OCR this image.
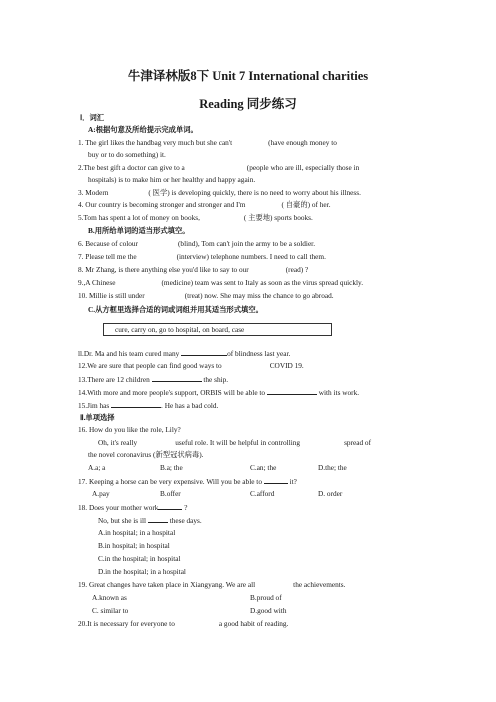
牛津译林版8下 Unit 7 International charities
Reading 同步练习
Ⅰ．词汇
A:根据句意及所给提示完成单词。
1. The girl likes the handbag very much but she can't	(have enough money to
buy or to do something) it.
2.The best gift a doctor can give to a	(people who are ill, especially those in
hospitals) is to make him or her healthy and happy again.
3. Modern	( 医学) is developing quickly, there is no need to worry about his illness.
4. Our country is becoming stronger and stronger and I'm	( 自豪的) of her.
5.Tom has spent a lot of money on books,	( 主要地) sports books.
B.用所给单词的适当形式填空。
6. Because of colour	(blind), Tom can't join the army to be a soldier.
7. Please tell me the	(interview) telephone numbers. I need to call them.
8. Mr Zhang, is there anything else you'd like to say to our	(read) ?
9.,A Chinese	(medicine) team was sent to Italy as soon as the virus spread quickly.
10. Millie is still under	(treat) now. She may miss the chance to go abroad.
C.从方框里选择合适的词或词组并用其适当形式填空。
cure, carry on, go to hospital, on board, case
ll.Dr. Ma and his team cured many	of blindness last year.
12.We are sure that people can find good ways to	COVID 19.
13.There are 12 children	the ship.
14.With more and more people's support, ORBIS will be able to	with its work.
15.Jim has	. He has a bad cold.
Ⅱ.单项选择
16. How do you like the role, Lily?
Oh, it's really	useful role. It will be helpful in controlling	spread of
the novel coronavirus (新型冠状病毒).
A.a; a	B.a; the	C.an; the	D.the; the
17. Keeping a horse can be very expensive. Will you be able to	it?
A.pay	B.offer	C.afford	D. order
18. Does your mother work	?
No, but she is ill	these days.
A.in hospital; in a hospital
B.in hospital; in hospital
C.in the hospital; in hospital
D.in the hospital; in a hospital
19. Great changes have taken place in Xiangyang. We are all	the achievements.
A.known as	B.proud of
C. similar to	D.good with
20.It is necessary for everyone to	a good habit of reading.
